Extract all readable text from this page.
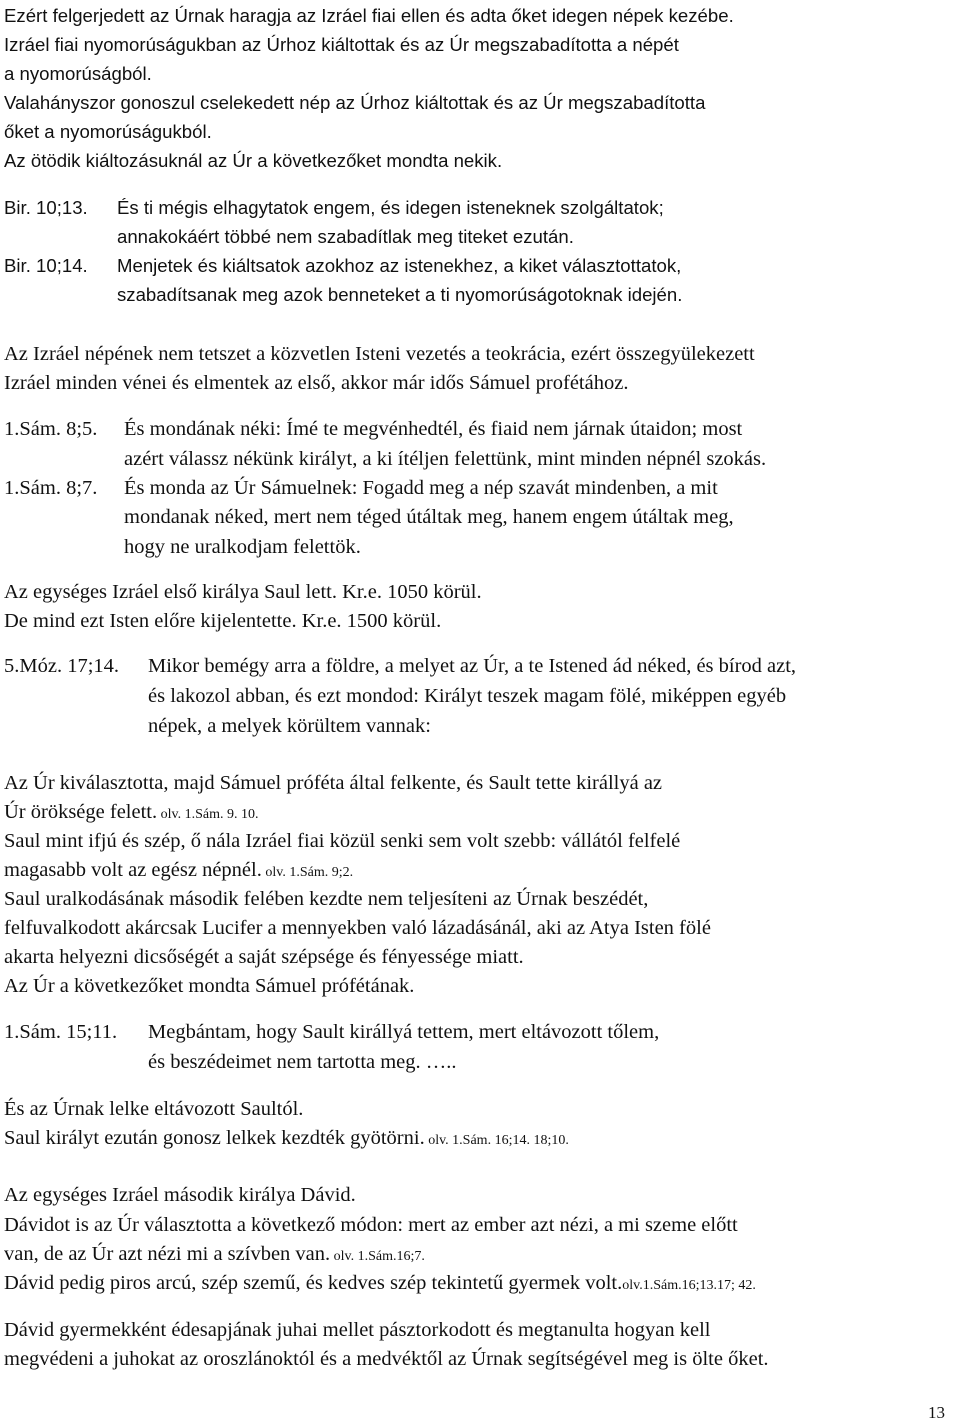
Ezért felgerjedett az Úrnak haragja az Izráel fiai ellen és adta őket idegen népek kezébe.
Izráel fiai nyomorúságukban az Úrhoz kiáltottak és az Úr megszabadította a népét
a nyomorúságból.
Valahányszor gonoszul cselekedett nép az Úrhoz kiáltottak és az Úr megszabadította
őket a nyomorúságukból.
Az ötödik kiáltozásuknál az Úr a következőket mondta nekik.
Bir. 10;13. És ti mégis elhagytatok engem, és idegen isteneknek szolgáltatok;
annakokáért többé nem szabadítlak meg titeket ezután.
Bir. 10;14. Menjetek és kiáltsatok azokhoz az istenekhez, a kiket választottatok,
szabadítsanak meg azok benneteket a ti nyomorúságotoknak idején.
Az Izráel népének nem tetszet a közvetlen Isteni vezetés a teokrácia, ezért összegyülekezett
Izráel minden vénei és elmentek az első, akkor már idős Sámuel profétához.
1.Sám. 8;5. És mondának néki: Ímé te megvénhedtél, és fiaid nem járnak útaidon; most
azért válassz nékünk királyt, a ki ítéljen felettünk, mint minden népnél szokás.
1.Sám. 8;7. És monda az Úr Sámuelnek: Fogadd meg a nép szavát mindenben, a mit
mondanak néked, mert nem téged útáltak meg, hanem engem útáltak meg,
hogy ne uralkodjam felettök.
Az egységes Izráel első királya Saul lett. Kr.e. 1050 körül.
De mind ezt Isten előre kijelentette. Kr.e. 1500 körül.
5.Móz. 17;14. Mikor bemégy arra a földre, a melyet az Úr, a te Istened ád néked, és bírod azt,
és lakozol abban, és ezt mondod: Királyt teszek magam fölé, miképpen egyéb
népek, a melyek körültem vannak:
Az Úr kiválasztotta, majd Sámuel próféta által felkente, és Sault tette királlyá az
Úr öröksége felett. olv. 1.Sám. 9. 10.
Saul mint ifjú és szép, ő nála Izráel fiai közül senki sem volt szebb: vállától felfelé
magasabb volt az egész népnél. olv. 1.Sám. 9;2.
Saul uralkodásának második felében kezdte nem teljesíteni az Úrnak beszédét,
felfuvalkodott akárcsak Lucifer a mennyekben való lázadásánál, aki az Atya Isten fölé
akarta helyezni dicsőségét a saját szépsége és fényessége miatt.
Az Úr a következőket mondta Sámuel prófétának.
1.Sám. 15;11. Megbántam, hogy Sault királlyá tettem, mert eltávozott tőlem,
és beszédeimet nem tartotta meg. …..
És az Úrnak lelke eltávozott Saultól.
Saul királyt ezután gonosz lelkek kezdték gyötörni. olv. 1.Sám. 16;14. 18;10.
Az egységes Izráel második királya Dávid.
Dávidot is az Úr választotta a következő módon: mert az ember azt nézi, a mi szeme előtt
van, de az Úr azt nézi mi a szívben van. olv. 1.Sám.16;7.
Dávid pedig piros arcú, szép szemű, és kedves szép tekintetű gyermek volt.olv.1.Sám.16;13.17; 42.
Dávid gyermekként édesapjának juhai mellet pásztorkodott és megtanulta hogyan kell
megvédeni a juhokat az oroszlánoktól és a medvéktől az Úrnak segítségével meg is ölte őket.
13
